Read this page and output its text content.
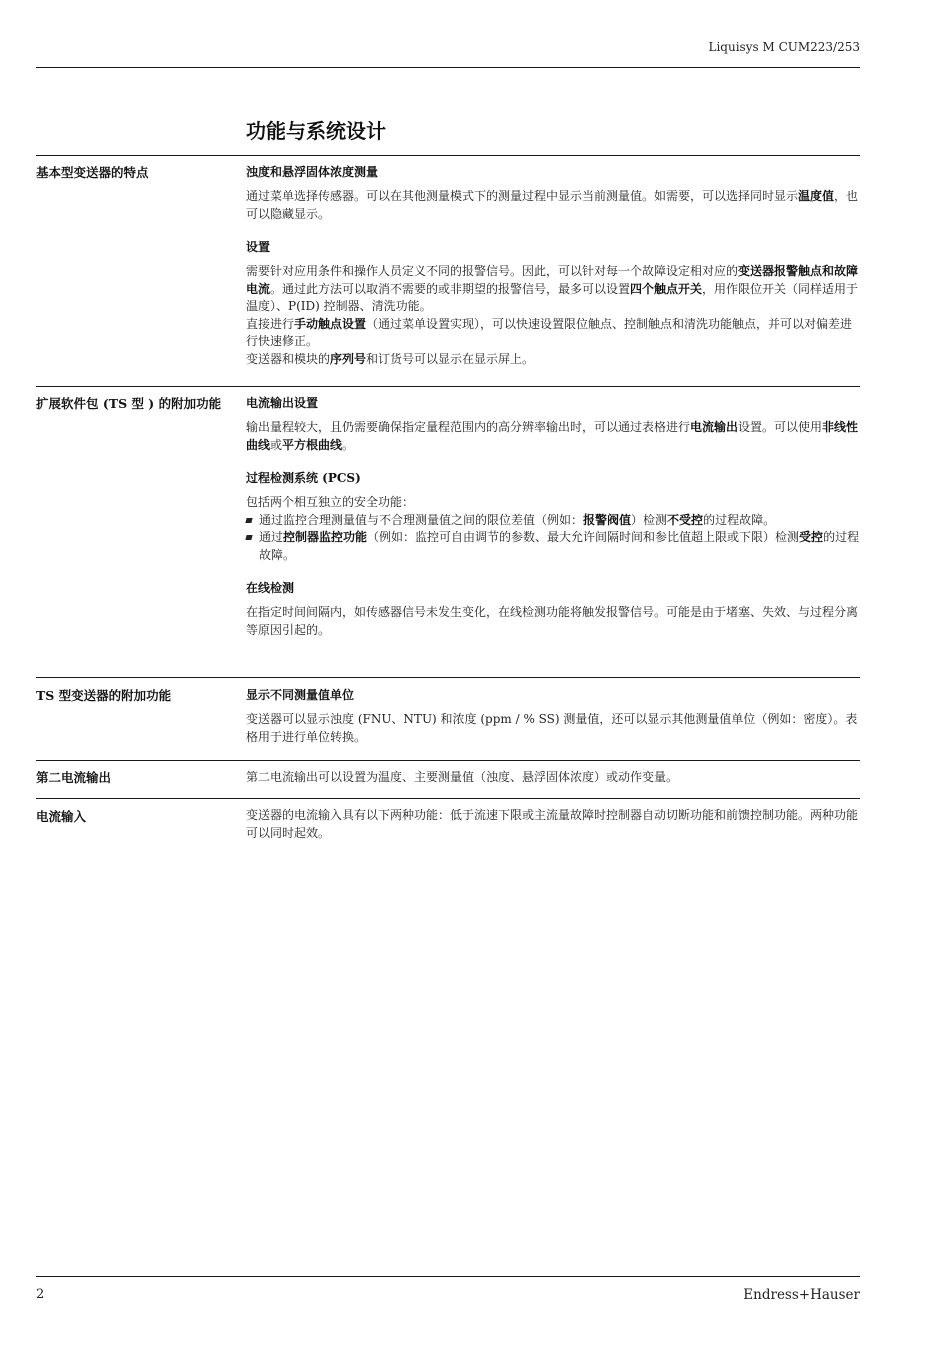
Liquisys M CUM223/253
功能与系统设计
基本型变送器的特点	浊度和悬浮固体浓度测量

通过菜单选择传感器。可以在其他测量模式下的测量过程中显示当前测量值。如需要，可以选择同时显示温度值，也可以隐藏显示。

设置

需要针对应用条件和操作人员定义不同的报警信号。因此，可以针对每一个故障设定相对应的变送器报警触点和故障电流。通过此方法可以取消不需要的或非期望的报警信号，最多可以设置四个触点开关，用作限位开关（同样适用于温度）、P(ID) 控制器、清洗功能。

直接进行手动触点设置（通过菜单设置实现），可以快速设置限位触点、控制触点和清洗功能触点，并可以对偏差进行快速修正。

变送器和模块的序列号和订货号可以显示在显示屏上。

扩展软件包 (TS 型 ) 的附加功能	电流输出设置

输出量程较大，且仍需要确保指定量程范围内的高分辨率输出时，可以通过表格进行电流输出设置。可以使用非线性曲线或平方根曲线。

过程检测系统 (PCS)

包括两个相互独立的安全功能：

通过监控合理测量值与不合理测量值之间的限位差值（例如：报警阀值）检测不受控的过程故障。
通过控制器监控功能（例如：监控可自由调节的参数、最大允许间隔时间和参比值超上限或下限）检测受控的过程故障。
在线检测

在指定时间间隔内，如传感器信号未发生变化，在线检测功能将触发报警信号。可能是由于堵塞、失效、与过程分离等原因引起的。

TS 型变送器的附加功能	显示不同测量值单位

变送器可以显示浊度 (FNU、NTU) 和浓度 (ppm / % SS) 测量值，还可以显示其他测量值单位（例如：密度）。表格用于进行单位转换。

第二电流输出	第二电流输出可以设置为温度、主要测量值（浊度、悬浮固体浓度）或动作变量。

电流输入	变送器的电流输入具有以下两种功能：低于流速下限或主流量故障时控制器自动切断功能和前馈控制功能。两种功能可以同时起效。

2	Endress+Hauser
